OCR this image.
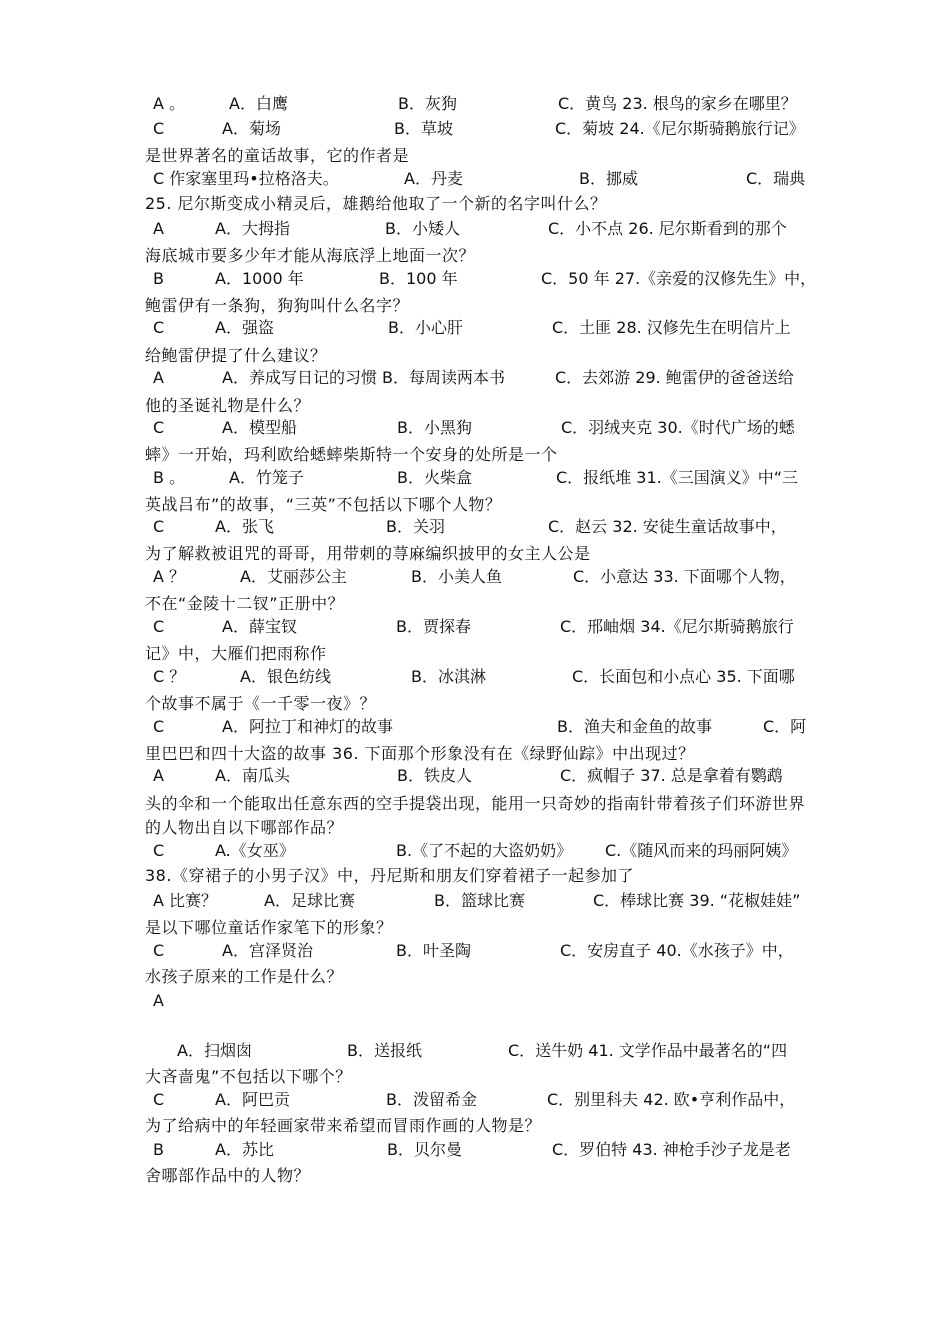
A 。	A．白鹰	B．灰狗	C．黄鸟 23. 根鸟的家乡在哪里？
C	A．菊场	B．草坡	C．菊坡 24.《尼尔斯骑鹅旅行记》
是世界著名的童话故事，它的作者是
C 作家塞里玛•拉格洛夫。	A．丹麦	B．挪威	C．瑞典
25. 尼尔斯变成小精灵后，雄鹅给他取了一个新的名字叫什么？
A	A．大拇指	B．小矮人	C．小不点 26. 尼尔斯看到的那个
海底城市要多少年才能从海底浮上地面一次？
B	A．1000 年	B．100 年	C．50 年 27.《亲爱的汉修先生》中，
鲍雷伊有一条狗，狗狗叫什么名字？
C	A．强盗	B．小心肝	C．土匪 28. 汉修先生在明信片上
给鲍雷伊提了什么建议？
A	A．养成写日记的习惯 B．每周读两本书	C．去郊游 29. 鲍雷伊的爸爸送给
他的圣诞礼物是什么？
C	A．模型船	B．小黑狗	C．羽绒夹克 30.《时代广场的蟋
蟀》一开始，玛利欧给蟋蟀柴斯特一个安身的处所是一个
B 。	A．竹笼子	B．火柴盒	C．报纸堆 31.《三国演义》中“三
英战吕布”的故事，“三英”不包括以下哪个人物？
C	A．张飞	B．关羽	C．赵云 32. 安徒生童话故事中，
为了解救被诅咒的哥哥，用带刺的荨麻编织披甲的女主人公是
A ？	A．艾丽莎公主	B．小美人鱼	C．小意达 33. 下面哪个人物，
不在“金陵十二钗”正册中？
C	A．薛宝钗	B．贾探春	C．邢岫烟 34.《尼尔斯骑鹅旅行
记》中，大雁们把雨称作
C ？	A．银色纺线	B．冰淇淋	C．长面包和小点心 35. 下面哪
个故事不属于《一千零一夜》？
C	A．阿拉丁和神灯的故事	B．渔夫和金鱼的故事	C．阿
里巴巴和四十大盗的故事 36. 下面那个形象没有在《绿野仙踪》中出现过？
A	A．南瓜头	B．铁皮人	C．疯帽子 37. 总是拿着有鹦鹉
头的伞和一个能取出任意东西的空手提袋出现，能用一只奇妙的指南针带着孩子们环游世界
的人物出自以下哪部作品？
C	A.《女巫》	B.《了不起的大盗奶奶》 C.《随风而来的玛丽阿姨》
38.《穿裙子的小男子汉》中，丹尼斯和朋友们穿着裙子一起参加了
A 比赛？	A．足球比赛	B．篮球比赛	C．棒球比赛 39. “花椒娃娃”
是以下哪位童话作家笔下的形象？
C	A．宫泽贤治	B．叶圣陶	C．安房直子 40.《水孩子》中，
水孩子原来的工作是什么？
A
A．扫烟囱	B．送报纸	C．送牛奶 41. 文学作品中最著名的“四
大吝啬鬼”不包括以下哪个？
C	A．阿巴贡	B．泼留希金	C．别里科夫 42. 欧•亨利作品中，
为了给病中的年轻画家带来希望而冒雨作画的人物是？
B	A．苏比	B．贝尔曼	C．罗伯特 43. 神枪手沙子龙是老
舍哪部作品中的人物？
